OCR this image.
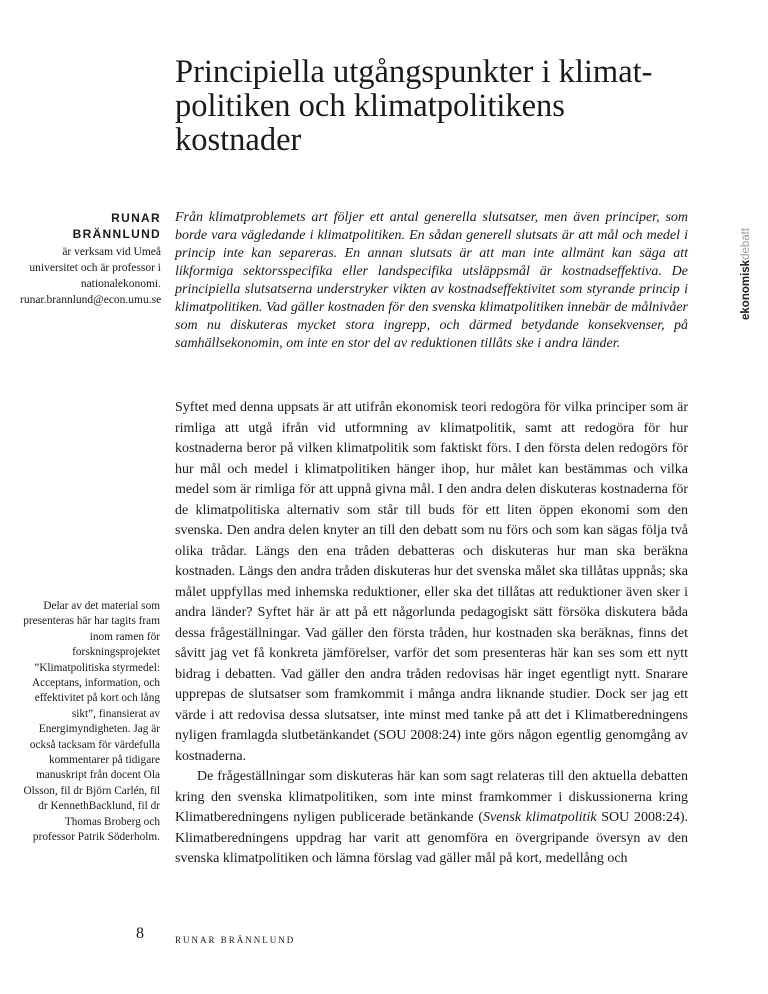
Principiella utgångspunkter i klimat-politiken och klimatpolitikens kostnader
ekonomiskdebatt

RUNAR BRÄNNLUND

är verksam vid Umeå universitet och är professor i nationalekonomi. runar.brannlund@econ.umu.se

Från klimatproblemets art följer ett antal generella slutsatser, men även principer, som borde vara vägledande i klimatpolitiken. En sådan generell slutsats är att mål och medel i princip inte kan separeras. En annan slutsats är att man inte allmänt kan säga att likformiga sektorsspecifika eller landspecifika utsläppsmål är kostnadseffektiva. De principiella slutsatserna understryker vikten av kostnadseffektivitet som styrande princip i klimatpolitiken. Vad gäller kostnaden för den svenska klimatpolitiken innebär de målnivåer som nu diskuteras mycket stora ingrepp, och därmed betydande konsekvenser, på samhällsekonomin, om inte en stor del av reduktionen tillåts ske i andra länder.

Syftet med denna uppsats är att utifrån ekonomisk teori redogöra för vilka principer som är rimliga att utgå ifrån vid utformning av klimatpolitik, samt att redogöra för hur kostnaderna beror på vilken klimatpolitik som faktiskt förs. I den första delen redogörs för hur mål och medel i klimatpolitiken hänger ihop, hur målet kan bestämmas och vilka medel som är rimliga för att uppnå givna mål. I den andra delen diskuteras kostnaderna för de klimatpolitiska alternativ som står till buds för ett liten öppen ekonomi som den svenska. Den andra delen knyter an till den debatt som nu förs och som kan sägas följa två olika trådar. Längs den ena tråden debatteras och diskuteras hur man ska beräkna kostnaden. Längs den andra tråden diskuteras hur det svenska målet ska tillåtas uppnås; ska målet uppfyllas med inhemska reduktioner, eller ska det tillåtas att reduktioner även sker i andra länder? Syftet här är att på ett någorlunda pedagogiskt sätt försöka diskutera båda dessa frågeställningar. Vad gäller den första tråden, hur kostnaden ska beräknas, finns det såvitt jag vet få konkreta jämförelser, varför det som presenteras här kan ses som ett nytt bidrag i debatten. Vad gäller den andra tråden redovisas här inget egentligt nytt. Snarare upprepas de slutsatser som framkommit i många andra liknande studier. Dock ser jag ett värde i att redovisa dessa slutsatser, inte minst med tanke på att det i Klimatberedningens nyligen framlagda slutbetänkandet (SOU 2008:24) inte görs någon egentlig genomgång av kostnaderna.

De frågeställningar som diskuteras här kan som sagt relateras till den aktuella debatten kring den svenska klimatpolitiken, som inte minst framkommer i diskussionerna kring Klimatberedningens nyligen publicerade betänkande (Svensk klimatpolitik SOU 2008:24). Klimatberedningens uppdrag har varit att genomföra en övergripande översyn av den svenska klimatpolitiken och lämna förslag vad gäller mål på kort, medellång och

Delar av det material som presenteras här har tagits fram inom ramen för forskningsprojektet ”Klimatpolitiska styrmedel: Acceptans, information, och effektivitet på kort och lång sikt”, finansierat av Energimyndigheten. Jag är också tacksam för värdefulla kommentarer på tidigare manuskript från docent Ola Olsson, fil dr Björn Carlén, fil dr KennethBacklund, fil dr Thomas Broberg och professor Patrik Söderholm.

8	RUNAR BRÄNNLUND
